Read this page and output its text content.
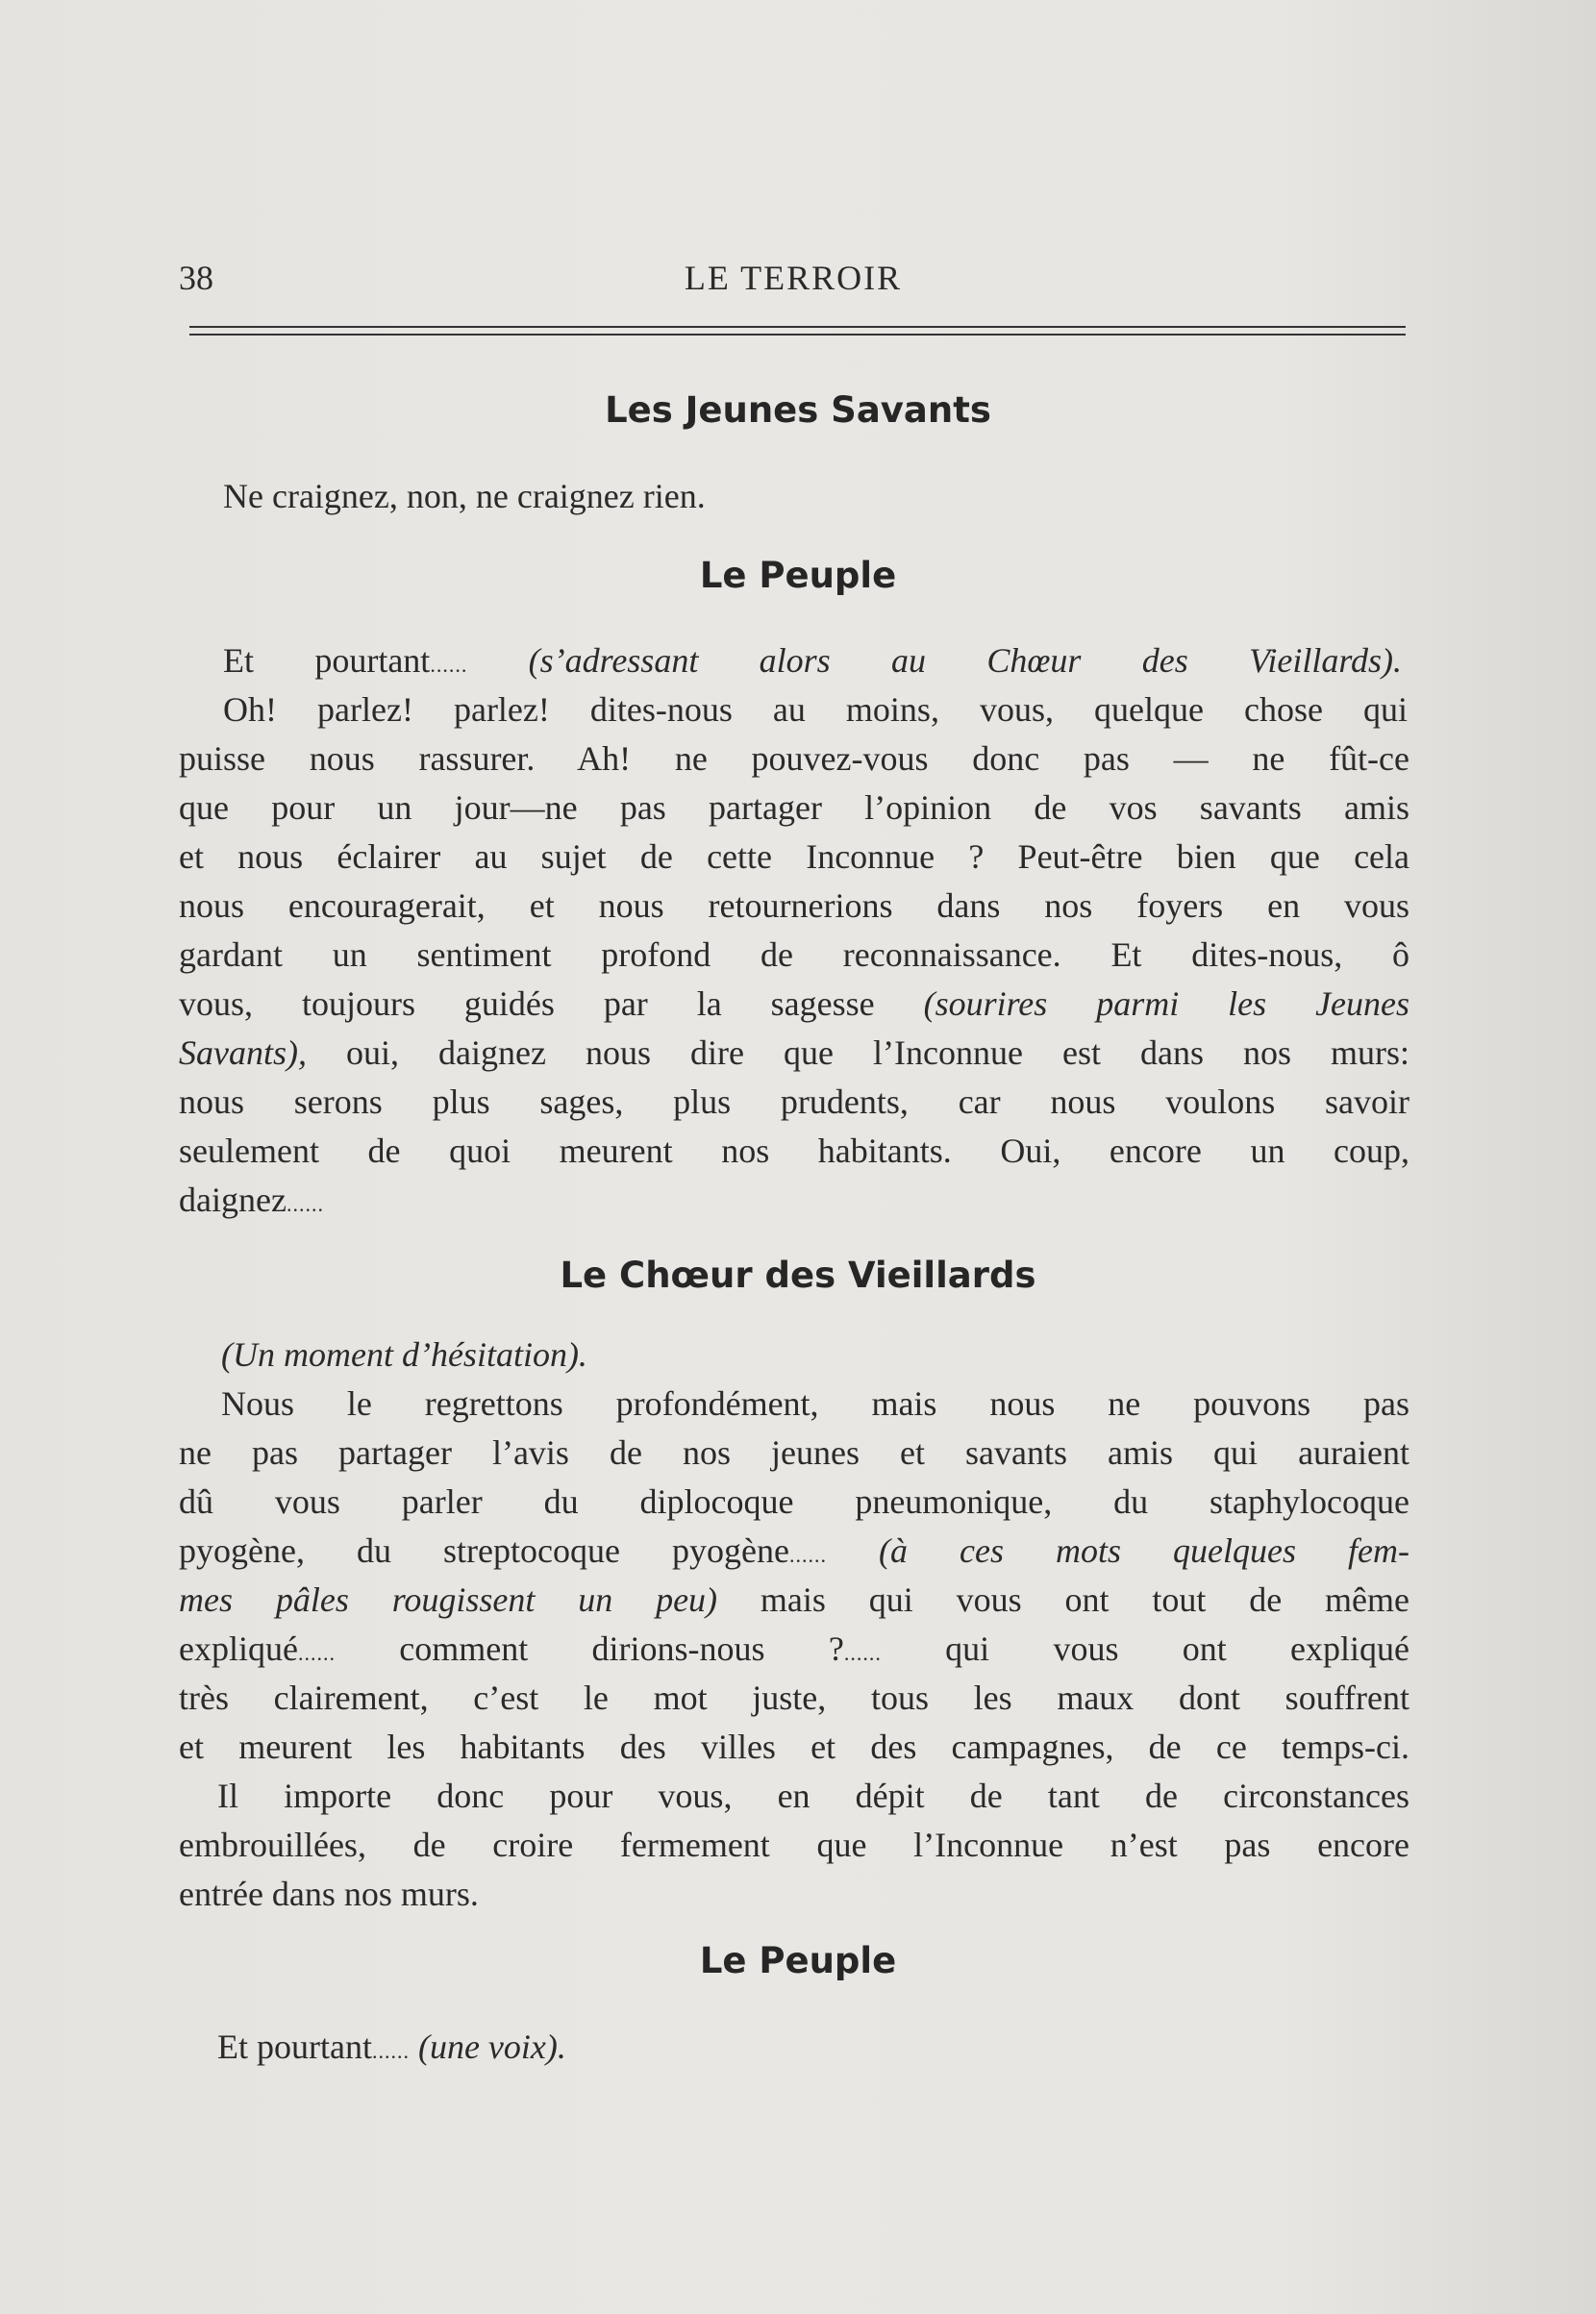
38	LE TERROIR
Les Jeunes Savants
Ne craignez, non, ne craignez rien.
Le Peuple
Et pourtant...... (s’adressant alors au Chœur des Vieillards).
Oh! parlez! parlez! dites-nous au moins, vous, quelque chose qui
puisse nous rassurer. Ah! ne pouvez-vous donc pas — ne fût-ce
que pour un jour—ne pas partager l’opinion de vos savants amis
et nous éclairer au sujet de cette Inconnue ? Peut-être bien que cela
nous encouragerait, et nous retournerions dans nos foyers en vous
gardant un sentiment profond de reconnaissance. Et dites-nous, ô
vous, toujours guidés par la sagesse (sourires parmi les Jeunes
Savants), oui, daignez nous dire que l’Inconnue est dans nos murs:
nous serons plus sages, plus prudents, car nous voulons savoir
seulement de quoi meurent nos habitants. Oui, encore un coup,
daignez......
Le Chœur des Vieillards
(Un moment d’hésitation).
Nous le regrettons profondément, mais nous ne pouvons pas
ne pas partager l’avis de nos jeunes et savants amis qui auraient
dû vous parler du diplocoque pneumonique, du staphylocoque
pyogène, du streptocoque pyogène...... (à ces mots quelques fem-
mes pâles rougissent un peu) mais qui vous ont tout de même
expliqué...... comment dirions-nous ?...... qui vous ont expliqué
très clairement, c’est le mot juste, tous les maux dont souffrent
et meurent les habitants des villes et des campagnes, de ce temps-ci.
Il importe donc pour vous, en dépit de tant de circonstances
embrouillées, de croire fermement que l’Inconnue n’est pas encore
entrée dans nos murs.
Le Peuple
Et pourtant...... (une voix).
